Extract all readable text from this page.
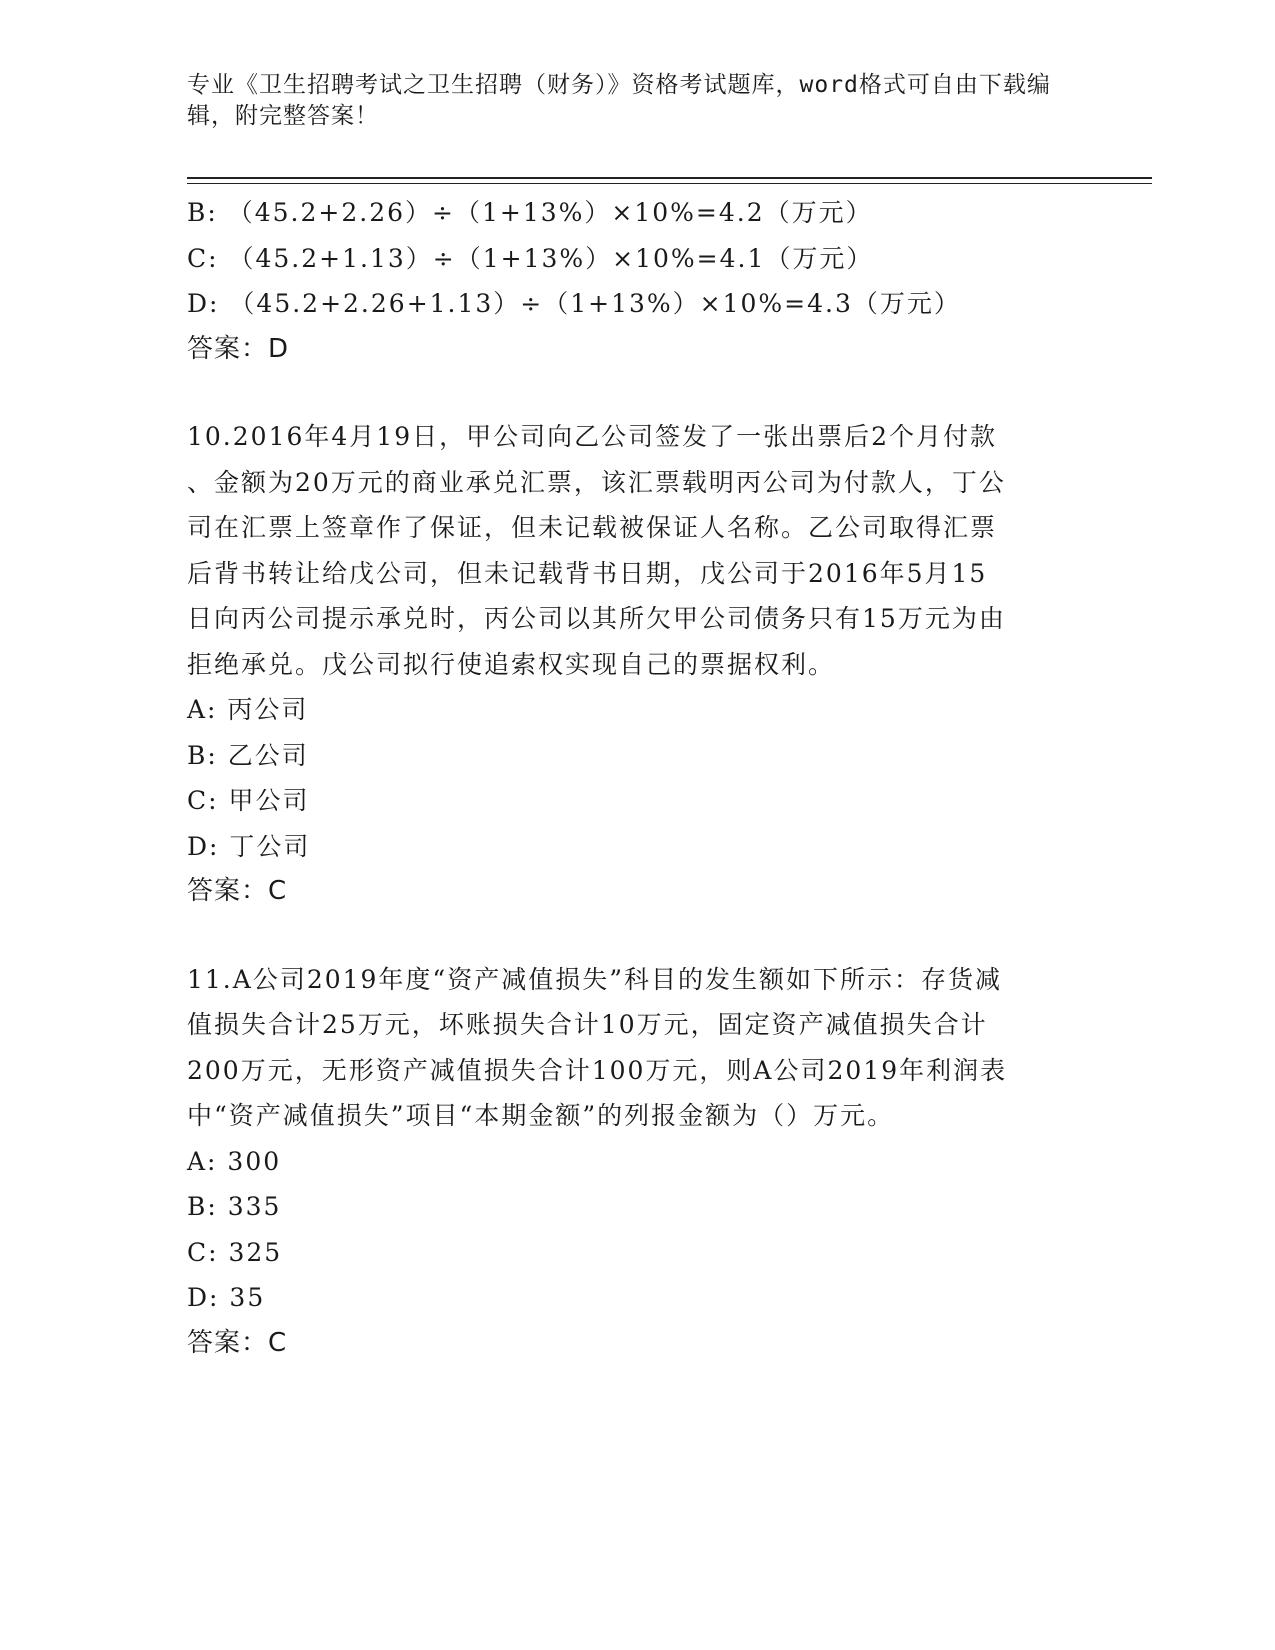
专业《卫生招聘考试之卫生招聘（财务）》资格考试题库，word格式可自由下载编辑，附完整答案！
B: （45.2+2.26）÷（1+13%）×10%=4.2（万元）
C: （45.2+1.13）÷（1+13%）×10%=4.1（万元）
D: （45.2+2.26+1.13）÷（1+13%）×10%=4.3（万元）
答案：D
10.2016年4月19日，甲公司向乙公司签发了一张出票后2个月付款
、金额为20万元的商业承兑汇票，该汇票载明丙公司为付款人，丁公
司在汇票上签章作了保证，但未记载被保证人名称。乙公司取得汇票
后背书转让给戊公司，但未记载背书日期，戊公司于2016年5月15
日向丙公司提示承兑时，丙公司以其所欠甲公司债务只有15万元为由
拒绝承兑。戊公司拟行使追索权实现自己的票据权利。
A: 丙公司
B: 乙公司
C: 甲公司
D: 丁公司
答案：C
11.A公司2019年度“资产减值损失”科目的发生额如下所示：存货减
值损失合计25万元，坏账损失合计10万元，固定资产减值损失合计
200万元，无形资产减值损失合计100万元，则A公司2019年利润表
中“资产减值损失”项目“本期金额”的列报金额为（）万元。
A: 300
B: 335
C: 325
D: 35
答案：C
